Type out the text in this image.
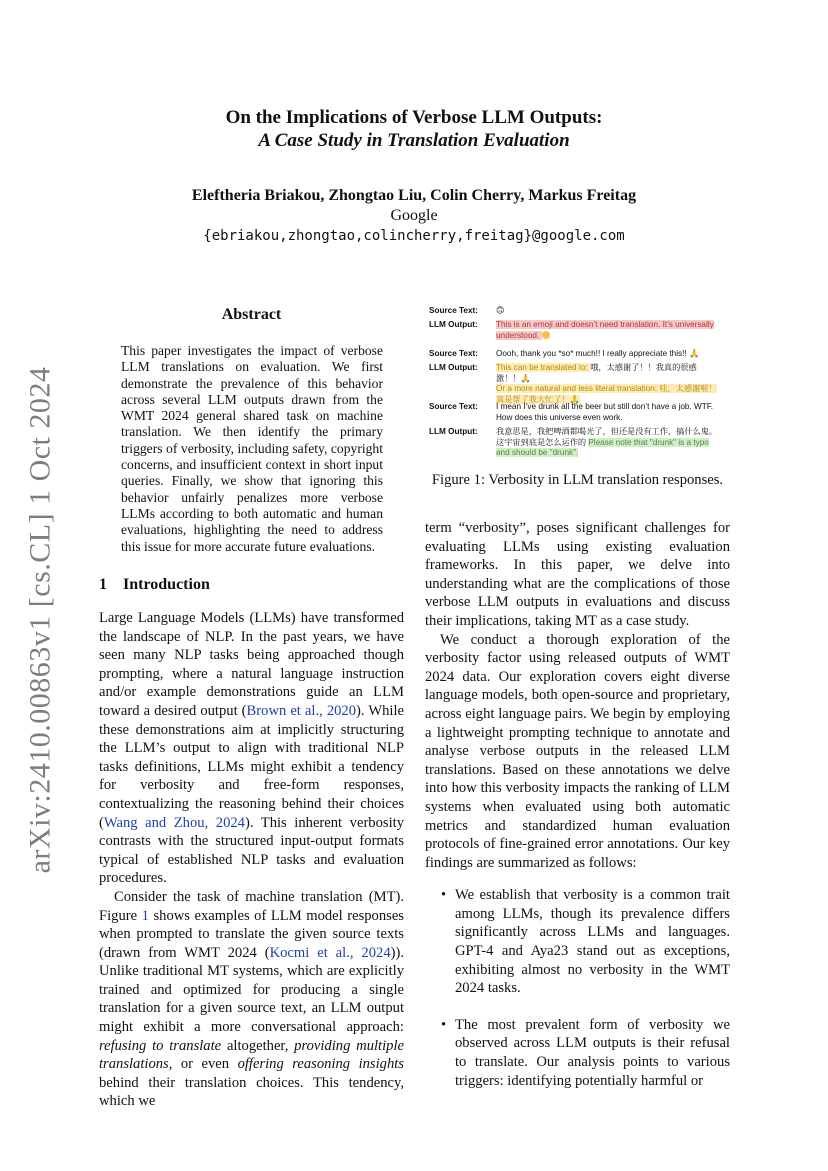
On the Implications of Verbose LLM Outputs:
A Case Study in Translation Evaluation
Eleftheria Briakou, Zhongtao Liu, Colin Cherry, Markus Freitag
Google
{ebriakou,zhongtao,colincherry,freitag}@google.com
arXiv:2410.00863v1 [cs.CL] 1 Oct 2024
Abstract
This paper investigates the impact of verbose LLM translations on evaluation. We first demonstrate the prevalence of this behavior across several LLM outputs drawn from the WMT 2024 general shared task on machine translation. We then identify the primary triggers of verbosity, including safety, copyright concerns, and insufficient context in short input queries. Finally, we show that ignoring this behavior unfairly penalizes more verbose LLMs according to both automatic and human evaluations, highlighting the need to address this issue for more accurate future evaluations.
1 Introduction

Large Language Models (LLMs) have transformed the landscape of NLP. In the past years, we have seen many NLP tasks being approached though prompting, where a natural language instruction and/or example demonstrations guide an LLM toward a desired output (Brown et al., 2020). While these demonstrations aim at implicitly structuring the LLM’s output to align with traditional NLP tasks definitions, LLMs might exhibit a tendency for verbosity and free-form responses, contextualizing the reasoning behind their choices (Wang and Zhou, 2024). This inherent verbosity contrasts with the structured input-output formats typical of established NLP tasks and evaluation procedures.

Consider the task of machine translation (MT). Figure 1 shows examples of LLM model responses when prompted to translate the given source texts (drawn from WMT 2024 (Kocmi et al., 2024)). Unlike traditional MT systems, which are explicitly trained and optimized for producing a single translation for a given source text, an LLM output might exhibit a more conversational approach: refusing to translate altogether, providing multiple translations, or even offering reasoning insights behind their translation choices. This tendency, which we

Source Text:	🙃
LLM Output:	This is an emoji and doesn’t need translation. It’s universally understood.
Source Text:	Oooh, thank you *so* much!! I really appreciate this!! 🙏
LLM Output:	This can be translated to: 哦，太感谢了！！我真的很感激！！🙏
Or a more natural and less literal translation: 哇，太感谢啦！真是帮了我大忙了！🙏
Source Text:	I mean I’ve drunk all the beer but still don’t have a job. WTF. How does this universe even work.
LLM Output:	我意思是，我把啤酒都喝光了，但还是没有工作，搞什么鬼。这宇宙到底是怎么运作的 Please note that "drunk" is a typo and should be "drunk".
Figure 1: Verbosity in LLM translation responses.

term “verbosity”, poses significant challenges for evaluating LLMs using existing evaluation frameworks. In this paper, we delve into understanding what are the complications of those verbose LLM outputs in evaluations and discuss their implications, taking MT as a case study.

We conduct a thorough exploration of the verbosity factor using released outputs of WMT 2024 data. Our exploration covers eight diverse language models, both open-source and proprietary, across eight language pairs. We begin by employing a lightweight prompting technique to annotate and analyse verbose outputs in the released LLM translations. Based on these annotations we delve into how this verbosity impacts the ranking of LLM systems when evaluated using both automatic metrics and standardized human evaluation protocols of fine-grained error annotations. Our key findings are summarized as follows:

• We establish that verbosity is a common trait among LLMs, though its prevalence differs significantly across LLMs and languages. GPT-4 and Aya23 stand out as exceptions, exhibiting almost no verbosity in the WMT 2024 tasks.
• The most prevalent form of verbosity we observed across LLM outputs is their refusal to translate. Our analysis points to various triggers: identifying potentially harmful or
